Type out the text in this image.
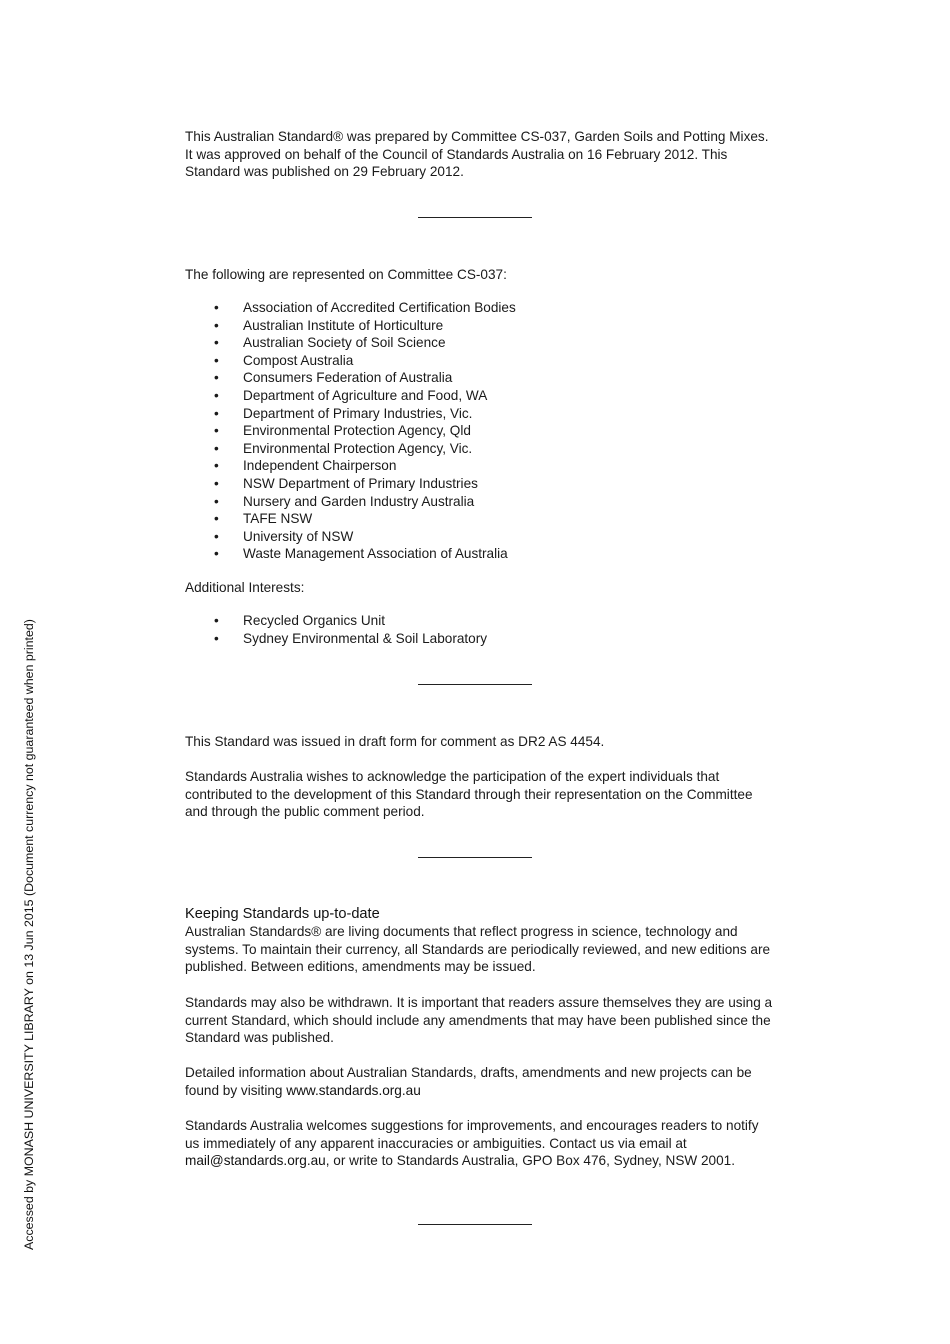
Accessed by MONASH UNIVERSITY LIBRARY on 13 Jun 2015 (Document currency not guaranteed when printed)

This Australian Standard® was prepared by Committee CS-037, Garden Soils and Potting Mixes. It was approved on behalf of the Council of Standards Australia on 16 February 2012. This Standard was published on 29 February 2012.

The following are represented on Committee CS-037:

• Association of Accredited Certification Bodies
• Australian Institute of Horticulture
• Australian Society of Soil Science
• Compost Australia
• Consumers Federation of Australia
• Department of Agriculture and Food, WA
• Department of Primary Industries, Vic.
• Environmental Protection Agency, Qld
• Environmental Protection Agency, Vic.
• Independent Chairperson
• NSW Department of Primary Industries
• Nursery and Garden Industry Australia
• TAFE NSW
• University of NSW
• Waste Management Association of Australia

Additional Interests:

• Recycled Organics Unit
• Sydney Environmental & Soil Laboratory

This Standard was issued in draft form for comment as DR2 AS 4454.

Standards Australia wishes to acknowledge the participation of the expert individuals that contributed to the development of this Standard through their representation on the Committee and through the public comment period.

Keeping Standards up-to-date

Australian Standards® are living documents that reflect progress in science, technology and systems. To maintain their currency, all Standards are periodically reviewed, and new editions are published. Between editions, amendments may be issued.

Standards may also be withdrawn. It is important that readers assure themselves they are using a current Standard, which should include any amendments that may have been published since the Standard was published.

Detailed information about Australian Standards, drafts, amendments and new projects can be found by visiting www.standards.org.au

Standards Australia welcomes suggestions for improvements, and encourages readers to notify us immediately of any apparent inaccuracies or ambiguities. Contact us via email at mail@standards.org.au, or write to Standards Australia, GPO Box 476, Sydney, NSW 2001.
